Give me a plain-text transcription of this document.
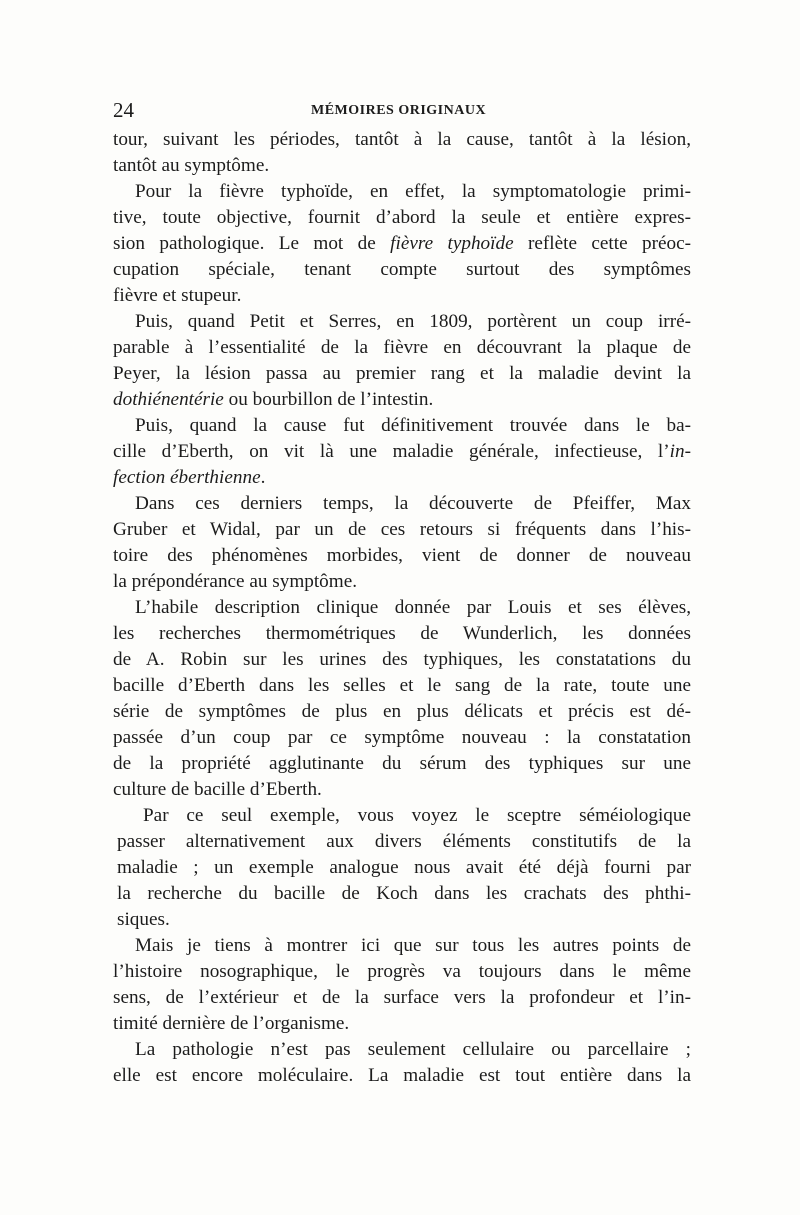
24	MÉMOIRES ORIGINAUX
tour, suivant les périodes, tantôt à la cause, tantôt à la lésion,
tantôt au symptôme.
Pour la fièvre typhoïde, en effet, la symptomatologie primi-
tive, toute objective, fournit d’abord la seule et entière expres-
sion pathologique. Le mot de fièvre typhoïde reflète cette préoc-
cupation spéciale, tenant compte surtout des symptômes
fièvre et stupeur.
Puis, quand Petit et Serres, en 1809, portèrent un coup irré-
parable à l’essentialité de la fièvre en découvrant la plaque de
Peyer, la lésion passa au premier rang et la maladie devint la
dothiénentérie ou bourbillon de l’intestin.
Puis, quand la cause fut définitivement trouvée dans le ba-
cille d’Eberth, on vit là une maladie générale, infectieuse, l’in-
fection éberthienne.
Dans ces derniers temps, la découverte de Pfeiffer, Max
Gruber et Widal, par un de ces retours si fréquents dans l’his-
toire des phénomènes morbides, vient de donner de nouveau
la prépondérance au symptôme.
L’habile description clinique donnée par Louis et ses élèves,
les recherches thermométriques de Wunderlich, les données
de A. Robin sur les urines des typhiques, les constatations du
bacille d’Eberth dans les selles et le sang de la rate, toute une
série de symptômes de plus en plus délicats et précis est dé-
passée d’un coup par ce symptôme nouveau : la constatation
de la propriété agglutinante du sérum des typhiques sur une
culture de bacille d’Eberth.
Par ce seul exemple, vous voyez le sceptre séméiologique
passer alternativement aux divers éléments constitutifs de la
maladie ; un exemple analogue nous avait été déjà fourni par
la recherche du bacille de Koch dans les crachats des phthi-
siques.
Mais je tiens à montrer ici que sur tous les autres points de
l’histoire nosographique, le progrès va toujours dans le même
sens, de l’extérieur et de la surface vers la profondeur et l’in-
timité dernière de l’organisme.
La pathologie n’est pas seulement cellulaire ou parcellaire ;
elle est encore moléculaire. La maladie est tout entière dans la
